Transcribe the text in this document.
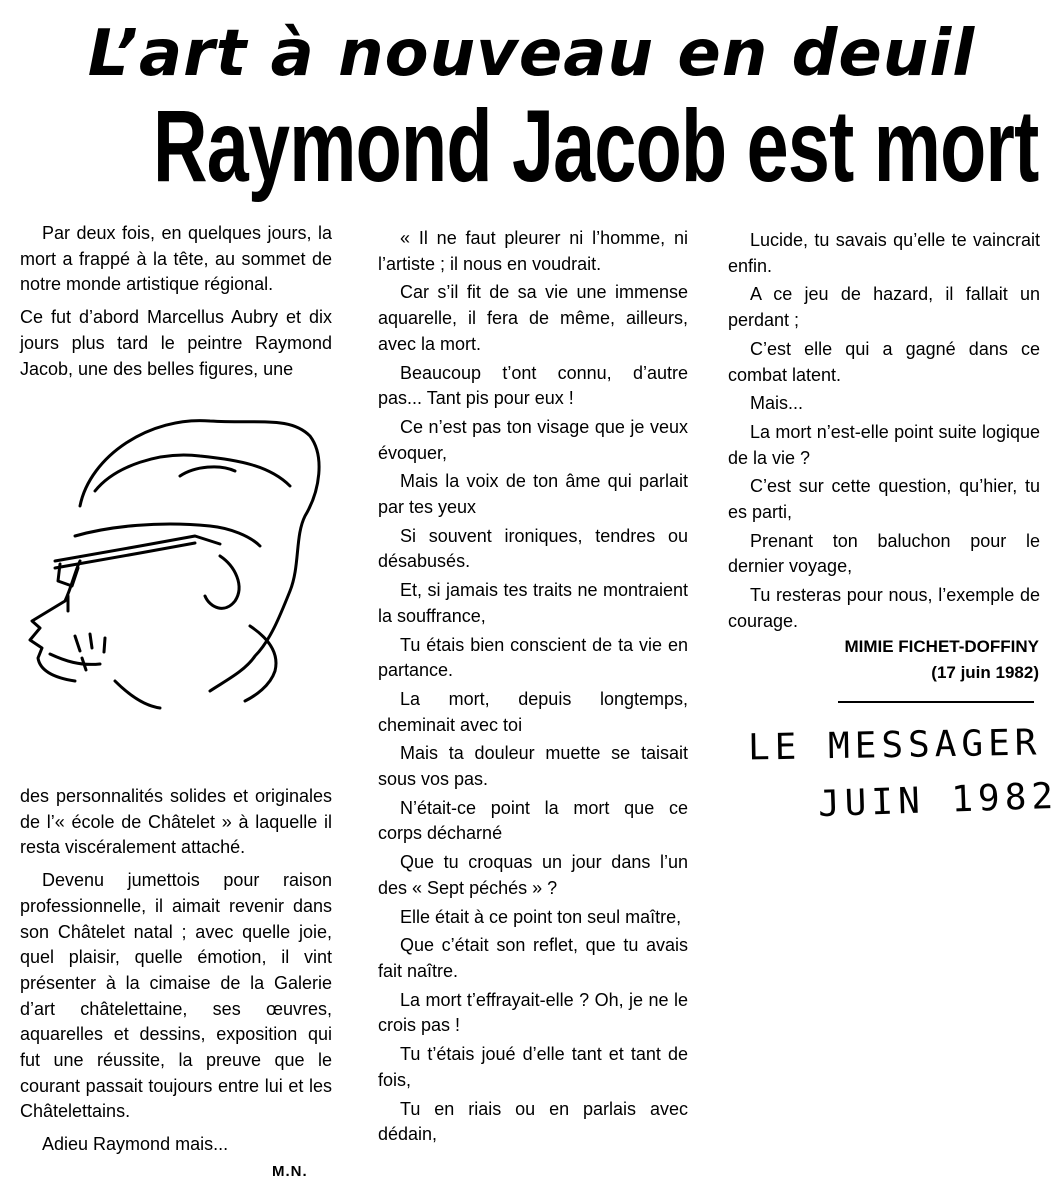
L’art à nouveau en deuil
Raymond Jacob est mort

Par deux fois, en quelques jours, la mort a frappé à la tête, au sommet de notre monde artistique régional.

Ce fut d’abord Marcellus Aubry et dix jours plus tard le peintre Raymond Jacob, une des belles figures, une

des personnalités solides et originales de l’« école de Châtelet » à laquelle il resta viscéralement attaché.

Devenu jumettois pour raison professionnelle, il aimait revenir dans son Châtelet natal ; avec quelle joie, quel plaisir, quelle émotion, il vint présenter à la cimaise de la Galerie d’art châtelettaine, ses œuvres, aquarelles et dessins, exposition qui fut une réussite, la preuve que le courant passait toujours entre lui et les Châtelettains.

Adieu Raymond mais...

M.N.

« Il ne faut pleurer ni l’homme, ni l’artiste ; il nous en voudrait.

Car s’il fit de sa vie une immense aquarelle, il fera de même, ailleurs, avec la mort.

Beaucoup t’ont connu, d’autre pas... Tant pis pour eux !

Ce n’est pas ton visage que je veux évoquer,

Mais la voix de ton âme qui parlait par tes yeux

Si souvent ironiques, tendres ou désabusés.

Et, si jamais tes traits ne montraient la souffrance,

Tu étais bien conscient de ta vie en partance.

La mort, depuis longtemps, cheminait avec toi

Mais ta douleur muette se taisait sous vos pas.

N’était-ce point la mort que ce corps décharné

Que tu croquas un jour dans l’un des « Sept péchés » ?

Elle était à ce point ton seul maître,

Que c’était son reflet, que tu avais fait naître.

La mort t’effrayait-elle ? Oh, je ne le crois pas !

Tu t’étais joué d’elle tant et tant de fois,

Tu en riais ou en parlais avec dédain,

Lucide, tu savais qu’elle te vaincrait enfin.

A ce jeu de hazard, il fallait un perdant ;

C’est elle qui a gagné dans ce combat latent.

Mais...

La mort n’est-elle point suite logique de la vie ?

C’est sur cette question, qu’hier, tu es parti,

Prenant ton baluchon pour le dernier voyage,

Tu resteras pour nous, l’exemple de courage.

MIMIE FICHET-DOFFINY
(17 juin 1982)
LE MESSAGER
JUIN 1982
